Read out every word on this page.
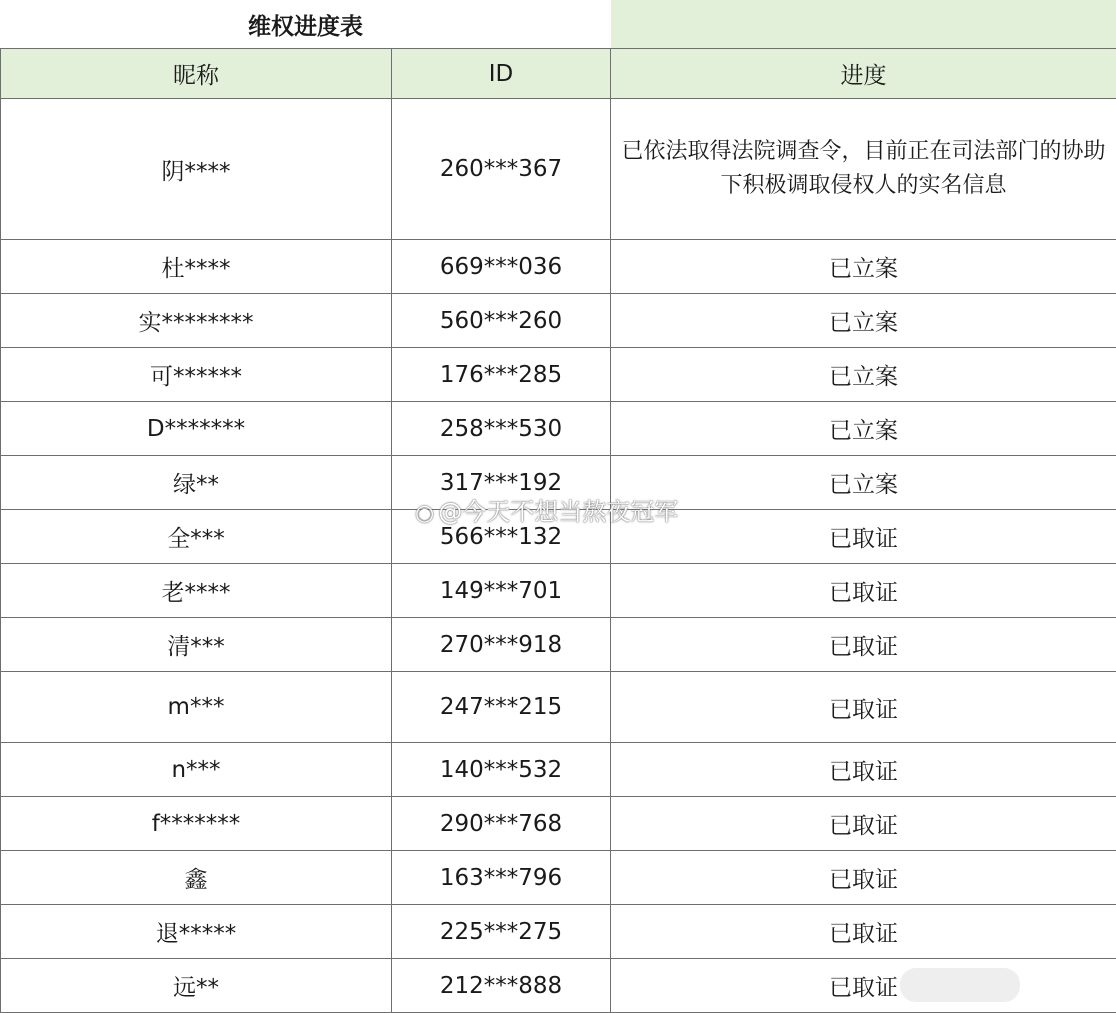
维权进度表		
昵称	ID	进度
阴****	260***367	已依法取得法院调查令，目前正在司法部门的协助下积极调取侵权人的实名信息
杜****	669***036	已立案
实********	560***260	已立案
可******	176***285	已立案
D*******	258***530	已立案
绿**	317***192	已立案
全***	566***132	已取证
老****	149***701	已取证
清***	270***918	已取证
m***	247***215	已取证
n***	140***532	已取证
f*******	290***768	已取证
鑫	163***796	已取证
退*****	225***275	已取证
远**	212***888	已取证
◉ @今天不想当熬夜冠军
